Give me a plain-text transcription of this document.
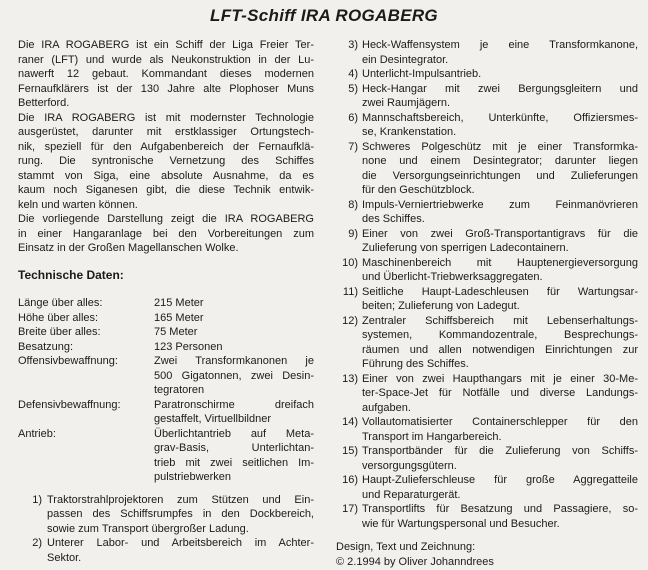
LFT-Schiff IRA ROGABERG
Die IRA ROGABERG ist ein Schiff der Liga Freier Ter-
raner (LFT) und wurde als Neukonstruktion in der Lu-
nawerft 12 gebaut. Kommandant dieses modernen
Fernaufklärers ist der 130 Jahre alte Plophoser Muns
Betterford.
Die IRA ROGABERG ist mit modernster Technologie
ausgerüstet, darunter mit erstklassiger Ortungstech-
nik, speziell für den Aufgabenbereich der Fernaufklä-
rung. Die syntronische Vernetzung des Schiffes
stammt von Siga, eine absolute Ausnahme, da es
kaum noch Siganesen gibt, die diese Technik entwik-
keln und warten können.
Die vorliegende Darstellung zeigt die IRA ROGABERG
in einer Hangaranlage bei den Vorbereitungen zum
Einsatz in der Großen Magellanschen Wolke.
Technische Daten:
Länge über alles:	215 Meter
Höhe über alles:	165 Meter
Breite über alles:	75 Meter
Besatzung:	123 Personen
Offensivbewaffnung:	Zwei Transformkanonen je
500 Gigatonnen, zwei Desin-
tegratoren
Defensivbewaffnung:	Paratronschirme dreifach
gestaffelt, Virtuellbildner
Antrieb:	Überlichtantrieb auf Meta-
grav-Basis, Unterlichtan-
trieb mit zwei seitlichen Im-
pulstriebwerken
1) Traktorstrahlprojektoren zum Stützen und Ein-
passen des Schiffsrumpfes in den Dockbereich,
sowie zum Transport übergroßer Ladung.
2) Unterer Labor- und Arbeitsbereich im Achter-
Sektor.
3) Heck-Waffensystem je eine Transformkanone,
ein Desintegrator.
4) Unterlicht-Impulsantrieb.
5) Heck-Hangar mit zwei Bergungsgleitern und
zwei Raumjägern.
6) Mannschaftsbereich, Unterkünfte, Offiziersmes-
se, Krankenstation.
7) Schweres Polgeschütz mit je einer Transformka-
none und einem Desintegrator; darunter liegen
die Versorgungseinrichtungen und Zulieferungen
für den Geschützblock.
8) Impuls-Verniertriebwerke zum Feinmanövrieren
des Schiffes.
9) Einer von zwei Groß-Transportantigravs für die
Zulieferung von sperrigen Ladecontainern.
10) Maschinenbereich mit Hauptenergieversorgung
und Überlicht-Triebwerksaggregaten.
11) Seitliche Haupt-Ladeschleusen für Wartungsar-
beiten; Zulieferung von Ladegut.
12) Zentraler Schiffsbereich mit Lebenserhaltungs-
systemen, Kommandozentrale, Besprechungs-
räumen und allen notwendigen Einrichtungen zur
Führung des Schiffes.
13) Einer von zwei Haupthangars mit je einer 30-Me-
ter-Space-Jet für Notfälle und diverse Landungs-
aufgaben.
14) Vollautomatisierter Containerschlepper für den
Transport im Hangarbereich.
15) Transportbänder für die Zulieferung von Schiffs-
versorgungsgütern.
16) Haupt-Zulieferschleuse für große Aggregatteile
und Reparaturgerät.
17) Transportlifts für Besatzung und Passagiere, so-
wie für Wartungspersonal und Besucher.
Design, Text und Zeichnung:
© 2.1994 by Oliver Johanndrees
